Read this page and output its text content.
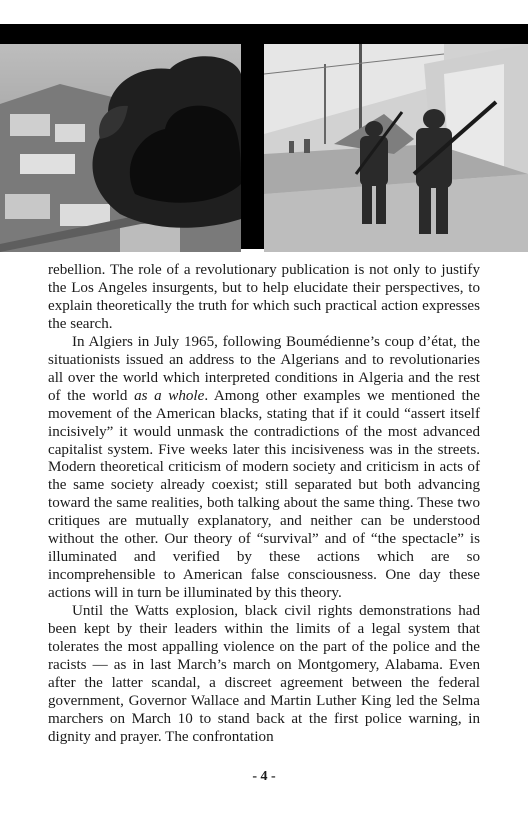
rebellion. The role of a revolutionary publication is not only to justify the Los Angeles insurgents, but to help elucidate their perspectives, to explain theoretically the truth for which such practical action expresses the search.

In Algiers in July 1965, following Boumédienne’s coup d’état, the situationists issued an address to the Algerians and to revolutionaries all over the world which interpreted conditions in Algeria and the rest of the world as a whole. Among other examples we mentioned the movement of the American blacks, stating that if it could “assert itself incisively” it would unmask the contradictions of the most advanced capitalist system. Five weeks later this incisiveness was in the streets. Modern theoretical criticism of modern society and criticism in acts of the same society already coexist; still separated but both advancing toward the same realities, both talking about the same thing. These two critiques are mutually explanatory, and neither can be understood without the other. Our theory of “survival” and of “the spectacle” is illuminated and verified by these actions which are so incomprehensible to American false consciousness. One day these actions will in turn be illuminated by this theory.

Until the Watts explosion, black civil rights demonstrations had been kept by their leaders within the limits of a legal system that tolerates the most appalling violence on the part of the police and the racists — as in last March’s march on Montgomery, Alabama. Even after the latter scandal, a discreet agreement between the federal government, Governor Wallace and Martin Luther King led the Selma marchers on March 10 to stand back at the first police warning, in dignity and prayer. The confrontation

- 4 -
